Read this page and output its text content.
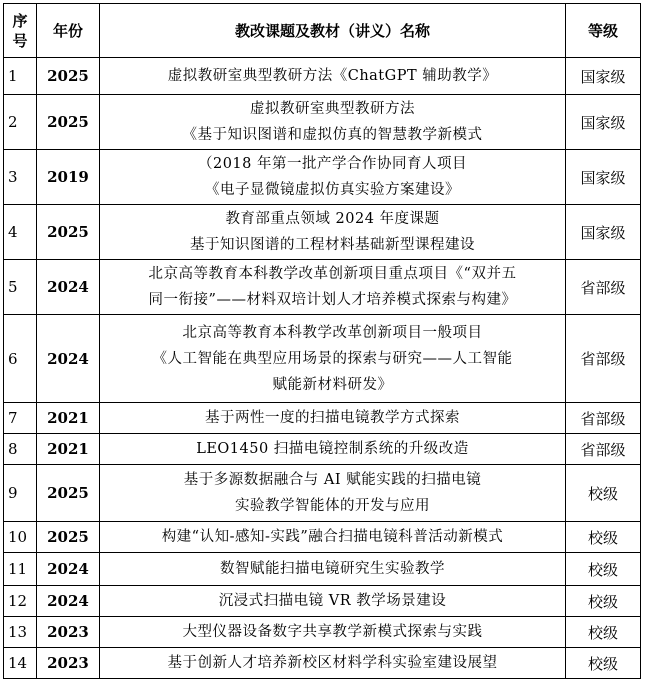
序
号	年份	教改课题及教材（讲义）名称	等级
1	2025	虚拟教研室典型教研方法《ChatGPT 辅助教学》	国家级
2	2025	虚拟教研室典型教研方法
《基于知识图谱和虚拟仿真的智慧教学新模式	国家级
3	2019	（2018 年第一批产学合作协同育人项目
《电子显微镜虚拟仿真实验方案建设》	国家级
4	2025	教育部重点领域 2024 年度课题
基于知识图谱的工程材料基础新型课程建设	国家级
5	2024	北京高等教育本科教学改革创新项目重点项目《“双并五
同一衔接”——材料双培计划人才培养模式探索与构建》	省部级
6	2024	北京高等教育本科教学改革创新项目一般项目
《人工智能在典型应用场景的探索与研究——人工智能
赋能新材料研发》	省部级
7	2021	基于两性一度的扫描电镜教学方式探索	省部级
8	2021	LEO1450 扫描电镜控制系统的升级改造	省部级
9	2025	基于多源数据融合与 AI 赋能实践的扫描电镜
实验教学智能体的开发与应用	校级
10	2025	构建“认知-感知-实践”融合扫描电镜科普活动新模式	校级
11	2024	数智赋能扫描电镜研究生实验教学	校级
12	2024	沉浸式扫描电镜 VR 教学场景建设	校级
13	2023	大型仪器设备数字共享教学新模式探索与实践	校级
14	2023	基于创新人才培养新校区材料学科实验室建设展望	校级
